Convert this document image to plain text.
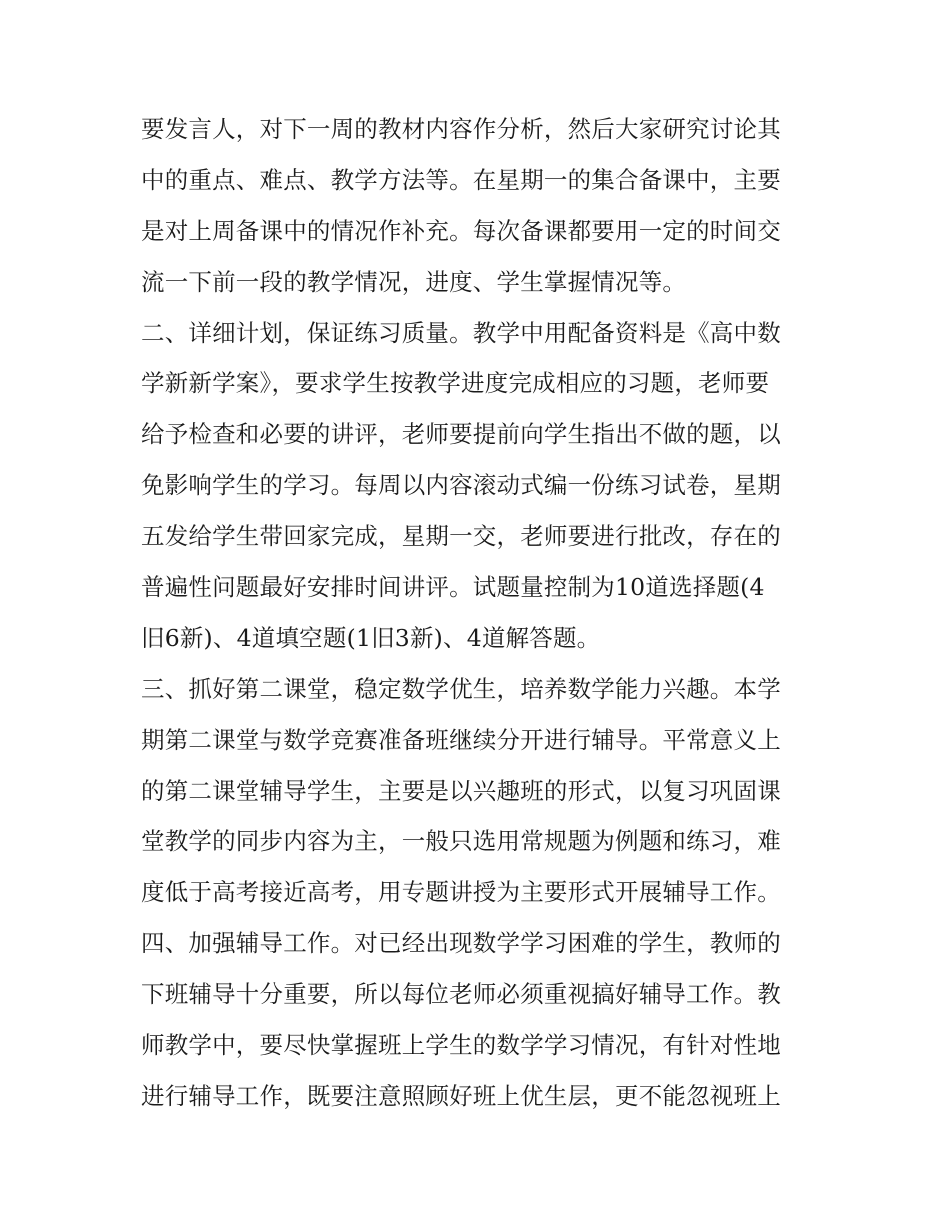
要发言人，对下一周的教材内容作分析，然后大家研究讨论其
中的重点、难点、教学方法等。在星期一的集合备课中，主要
是对上周备课中的情况作补充。每次备课都要用一定的时间交
流一下前一段的教学情况，进度、学生掌握情况等。
二、详细计划，保证练习质量。教学中用配备资料是《高中数
学新新学案》，要求学生按教学进度完成相应的习题，老师要
给予检查和必要的讲评，老师要提前向学生指出不做的题，以
免影响学生的学习。每周以内容滚动式编一份练习试卷，星期
五发给学生带回家完成，星期一交，老师要进行批改，存在的
普遍性问题最好安排时间讲评。试题量控制为10道选择题(4
旧6新)、4道填空题(1旧3新)、4道解答题。
三、抓好第二课堂，稳定数学优生，培养数学能力兴趣。本学
期第二课堂与数学竞赛准备班继续分开进行辅导。平常意义上
的第二课堂辅导学生，主要是以兴趣班的形式，以复习巩固课
堂教学的同步内容为主，一般只选用常规题为例题和练习，难
度低于高考接近高考，用专题讲授为主要形式开展辅导工作。
四、加强辅导工作。对已经出现数学学习困难的学生，教师的
下班辅导十分重要，所以每位老师必须重视搞好辅导工作。教
师教学中，要尽快掌握班上学生的数学学习情况，有针对性地
进行辅导工作，既要注意照顾好班上优生层，更不能忽视班上
